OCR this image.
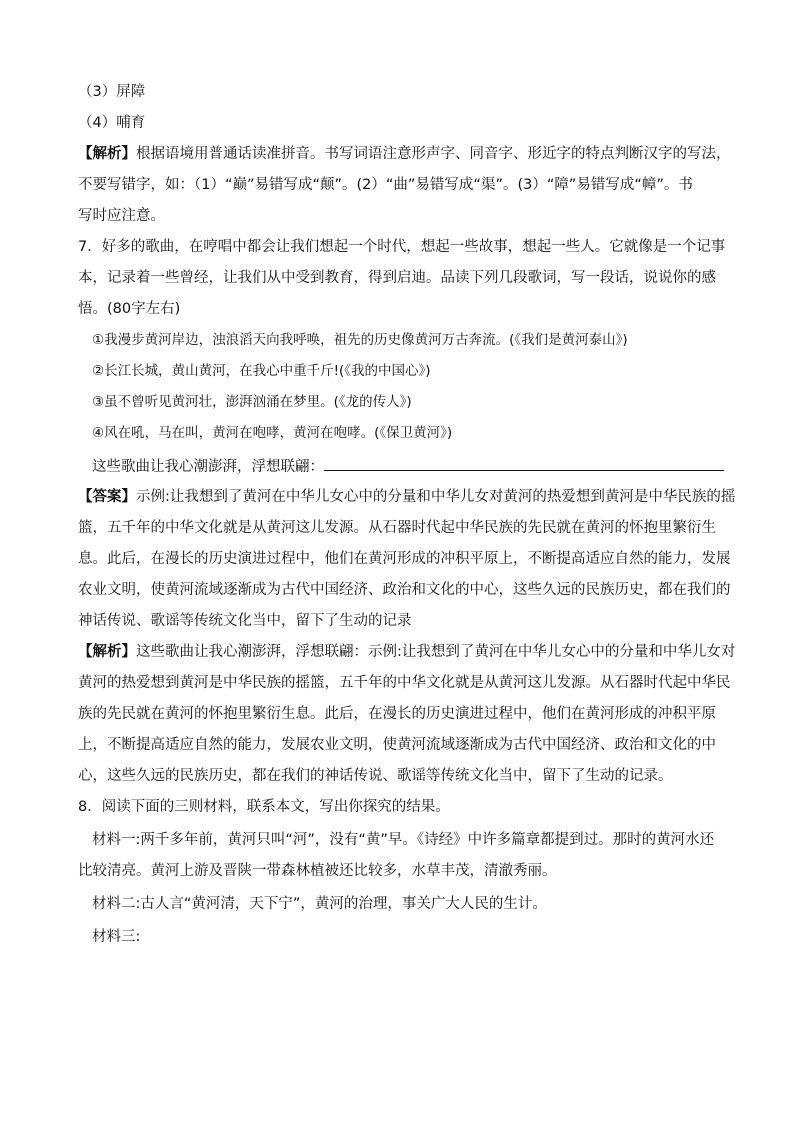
（3）屏障
（4）哺育
【解析】根据语境用普通话读准拼音。书写词语注意形声字、同音字、形近字的特点判断汉字的写法，
不要写错字，如：（1）“巅”易错写成“颠”。(2）“曲”易错写成“渠”。(3）“障”易错写成“幛”。书
写时应注意。
7．好多的歌曲，在哼唱中都会让我们想起一个时代，想起一些故事，想起一些人。它就像是一个记事
本，记录着一些曾经，让我们从中受到教育，得到启迪。品读下列几段歌词，写一段话，说说你的感
悟。(80字左右)
①我漫步黄河岸边，浊浪滔天向我呼唤，祖先的历史像黄河万古奔流。(《我们是黄河泰山》)
②长江长城，黄山黄河，在我心中重千斤!(《我的中国心》)
③虽不曾听见黄河壮，澎湃汹涌在梦里。(《龙的传人》)
④风在吼，马在叫，黄河在咆哮，黄河在咆哮。(《保卫黄河》)
这些歌曲让我心潮澎湃，浮想联翩：
【答案】示例:让我想到了黄河在中华儿女心中的分量和中华儿女对黄河的热爱想到黄河是中华民族的摇
篮，五千年的中华文化就是从黄河这儿发源。从石器时代起中华民族的先民就在黄河的怀抱里繁衍生
息。此后，在漫长的历史演进过程中，他们在黄河形成的冲积平原上，不断提高适应自然的能力，发展
农业文明，使黄河流域逐渐成为古代中国经济、政治和文化的中心，这些久远的民族历史，都在我们的
神话传说、歌谣等传统文化当中，留下了生动的记录
【解析】这些歌曲让我心潮澎湃，浮想联翩：示例:让我想到了黄河在中华儿女心中的分量和中华儿女对
黄河的热爱想到黄河是中华民族的摇篮，五千年的中华文化就是从黄河这儿发源。从石器时代起中华民
族的先民就在黄河的怀抱里繁衍生息。此后，在漫长的历史演进过程中，他们在黄河形成的冲积平原
上，不断提高适应自然的能力，发展农业文明，使黄河流域逐渐成为古代中国经济、政治和文化的中
心，这些久远的民族历史，都在我们的神话传说、歌谣等传统文化当中，留下了生动的记录。
8．阅读下面的三则材料，联系本文，写出你探究的结果。
材料一:两千多年前，黄河只叫“河”，没有“黄”早。《诗经》中许多篇章都提到过。那时的黄河水还
比较清亮。黄河上游及晋陕一带森林植被还比较多，水草丰茂，清澈秀丽。
材料二:古人言“黄河清，天下宁”，黄河的治理，事关广大人民的生计。
材料三:
